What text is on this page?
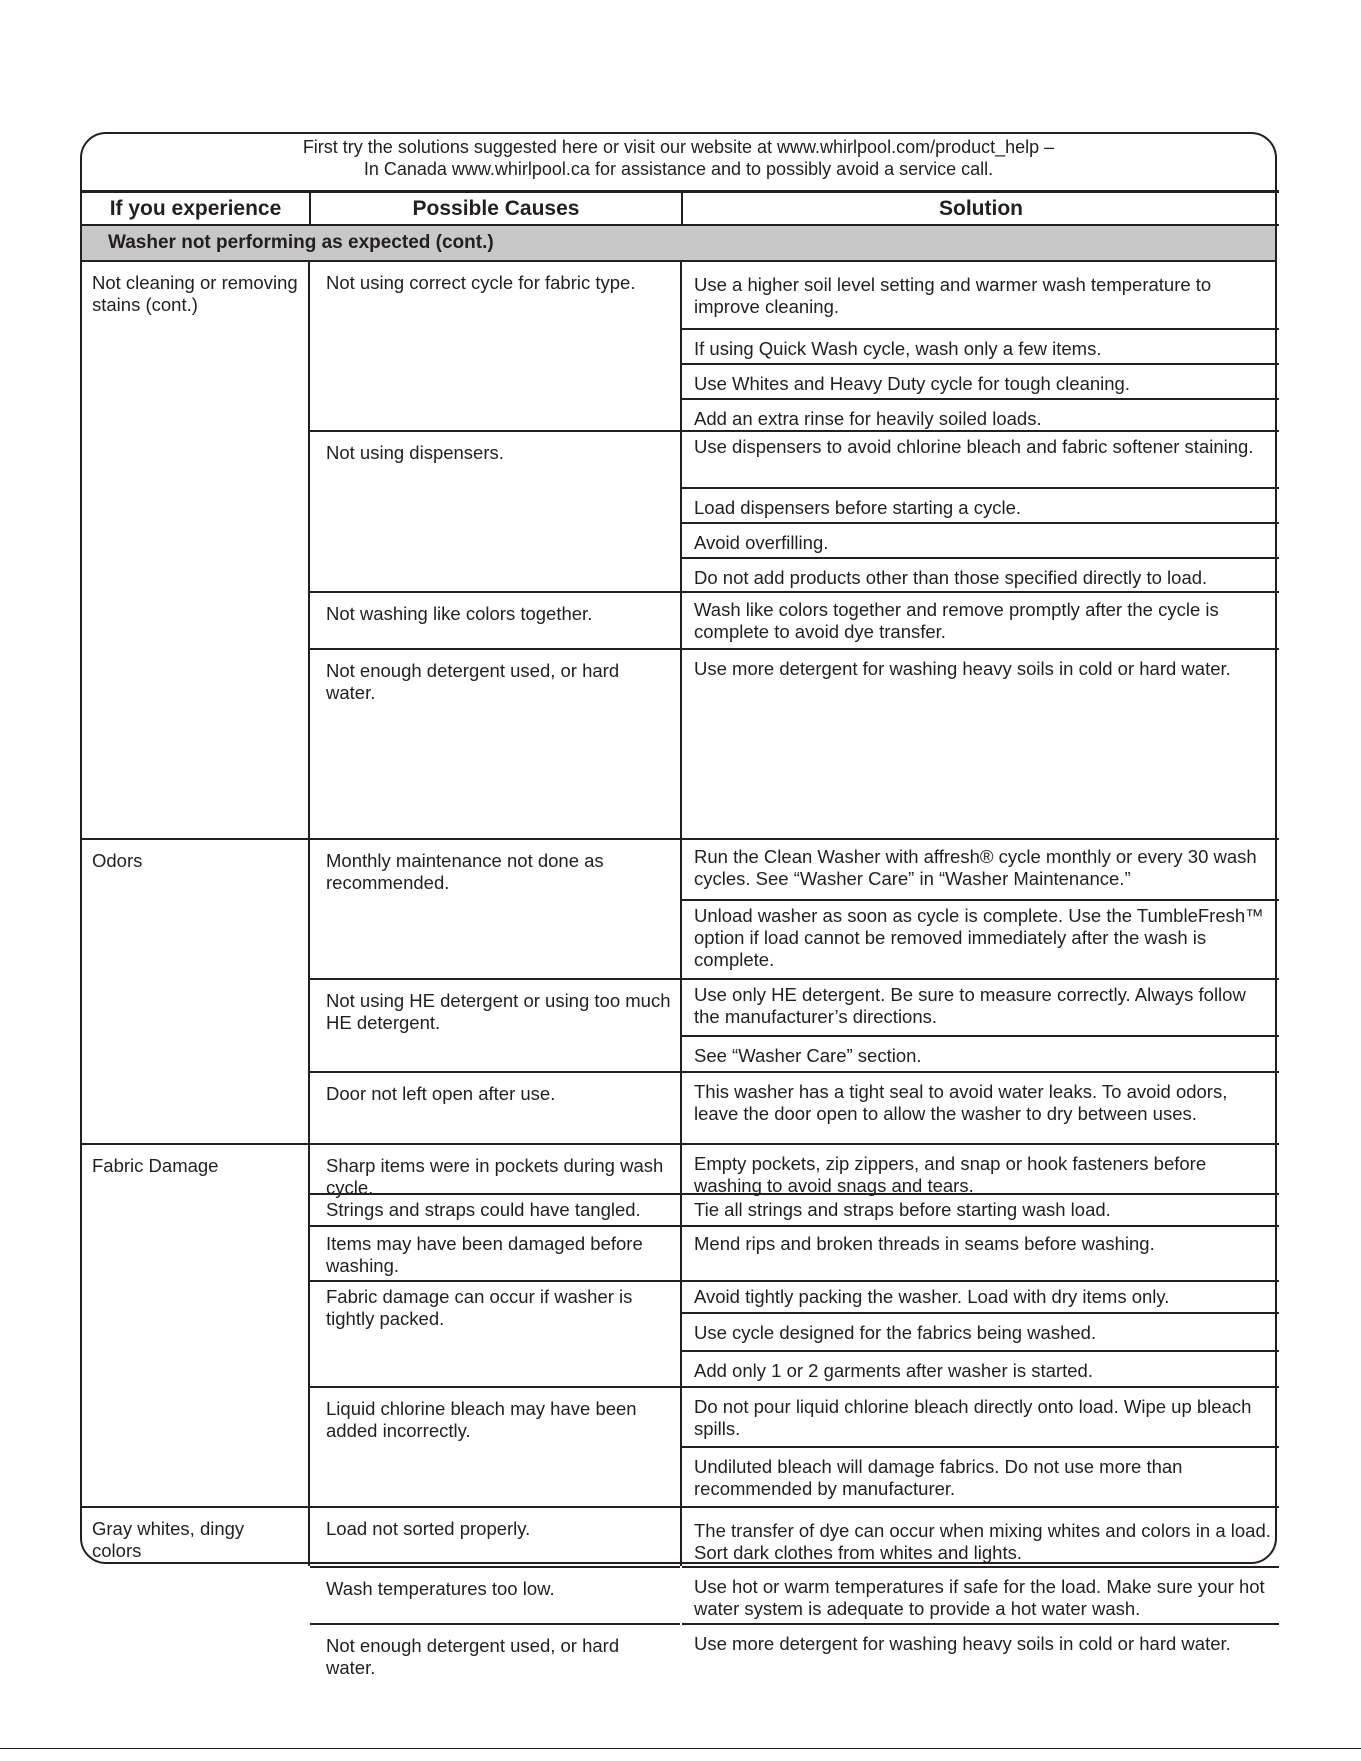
First try the solutions suggested here or visit our website at www.whirlpool.com/product_help –
In Canada www.whirlpool.ca for assistance and to possibly avoid a service call.
If you experience	Possible Causes	Solution
Washer not performing as expected (cont.)
Not cleaning or removing stains (cont.)
Odors
Fabric Damage
Gray whites, dingy colors
Not using correct cycle for fabric type.
Not using dispensers.
Not washing like colors together.
Not enough detergent used, or hard water.
Monthly maintenance not done as recommended.
Not using HE detergent or using too much HE detergent.
Door not left open after use.
Sharp items were in pockets during wash cycle.
Strings and straps could have tangled.
Items may have been damaged before washing.
Fabric damage can occur if washer is tightly packed.
Liquid chlorine bleach may have been added incorrectly.
Load not sorted properly.
Wash temperatures too low.
Not enough detergent used, or hard water.
Use a higher soil level setting and warmer wash temperature to improve cleaning.
If using Quick Wash cycle, wash only a few items.
Use Whites and Heavy Duty cycle for tough cleaning.
Add an extra rinse for heavily soiled loads.
Use dispensers to avoid chlorine bleach and fabric softener staining.
Load dispensers before starting a cycle.
Avoid overfilling.
Do not add products other than those specified directly to load.
Wash like colors together and remove promptly after the cycle is complete to avoid dye transfer.
Use more detergent for washing heavy soils in cold or hard water.
Run the Clean Washer with affresh® cycle monthly or every 30 wash cycles. See “Washer Care” in “Washer Maintenance.”
Unload washer as soon as cycle is complete. Use the TumbleFresh™ option if load cannot be removed immediately after the wash is complete.
Use only HE detergent. Be sure to measure correctly. Always follow the manufacturer’s directions.
See “Washer Care” section.
This washer has a tight seal to avoid water leaks. To avoid odors, leave the door open to allow the washer to dry between uses.
Empty pockets, zip zippers, and snap or hook fasteners before washing to avoid snags and tears.
Tie all strings and straps before starting wash load.
Mend rips and broken threads in seams before washing.
Avoid tightly packing the washer. Load with dry items only.
Use cycle designed for the fabrics being washed.
Add only 1 or 2 garments after washer is started.
Do not pour liquid chlorine bleach directly onto load. Wipe up bleach spills.
Undiluted bleach will damage fabrics. Do not use more than recommended by manufacturer.
The transfer of dye can occur when mixing whites and colors in a load. Sort dark clothes from whites and lights.
Use hot or warm temperatures if safe for the load. Make sure your hot water system is adequate to provide a hot water wash.
Use more detergent for washing heavy soils in cold or hard water.
